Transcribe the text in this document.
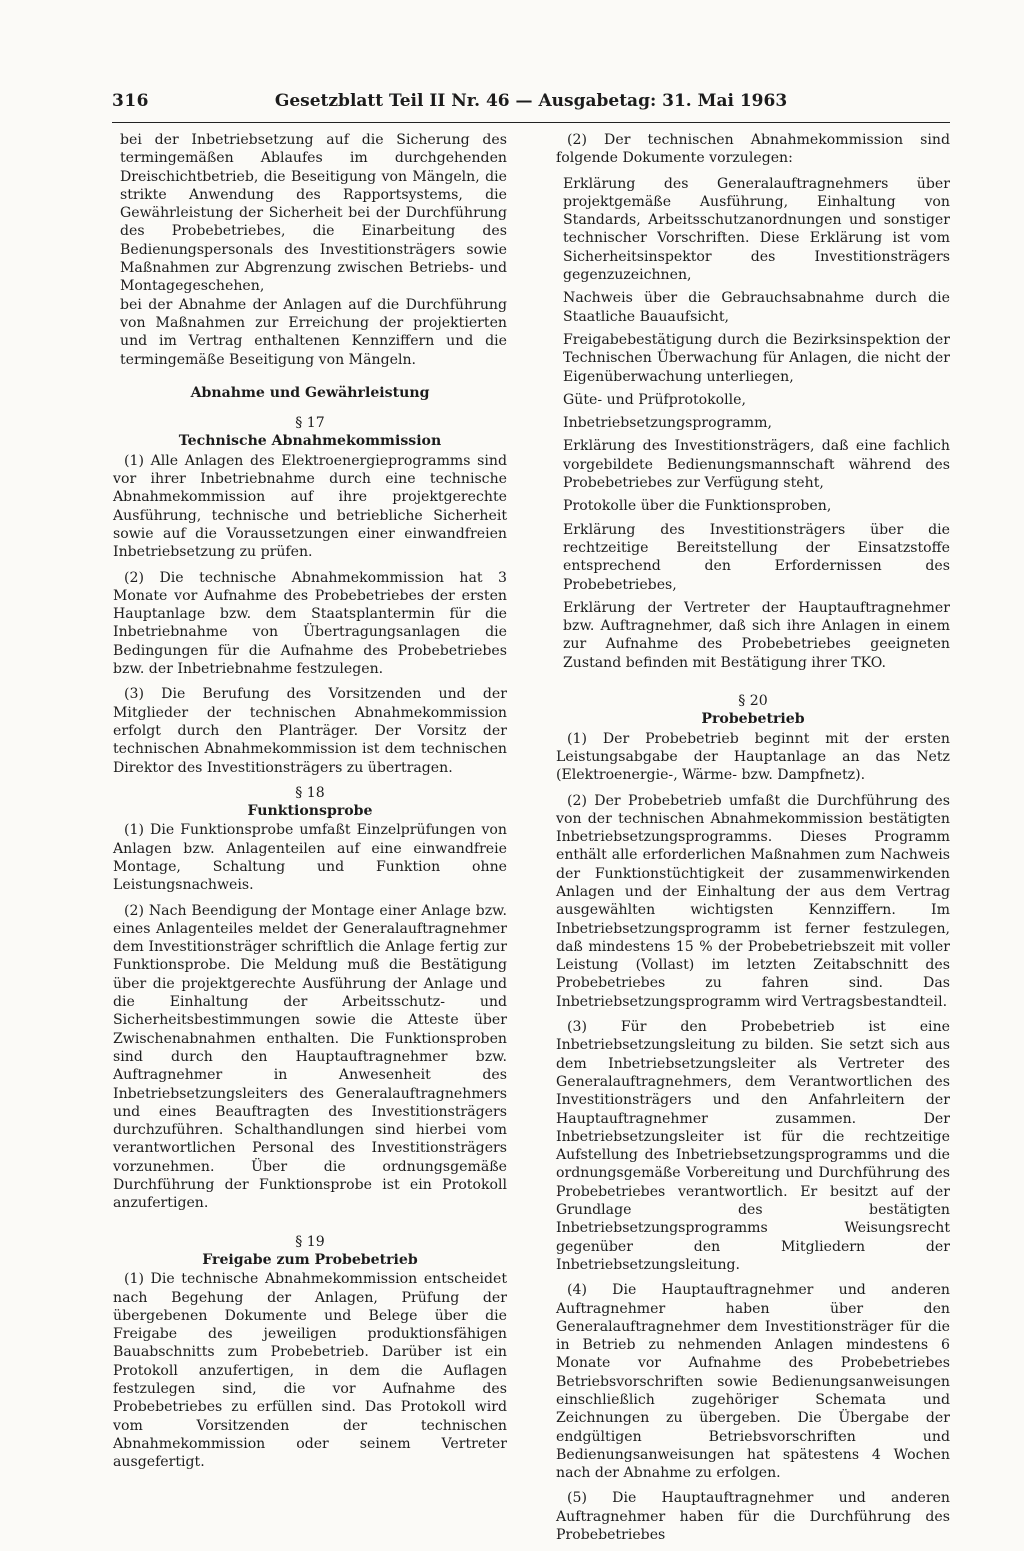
316	Gesetzblatt Teil II Nr. 46 — Ausgabetag: 31. Mai 1963

bei der Inbetriebsetzung auf die Sicherung des termingemäßen Ablaufes im durchgehenden Dreischichtbetrieb, die Beseitigung von Mängeln, die strikte Anwendung des Rapportsystems, die Gewährleistung der Sicherheit bei der Durchführung des Probebetriebes, die Einarbeitung des Bedienungspersonals des Investitionsträgers sowie Maßnahmen zur Abgrenzung zwischen Betriebs- und Montagegeschehen,

bei der Abnahme der Anlagen auf die Durchführung von Maßnahmen zur Erreichung der projektierten und im Vertrag enthaltenen Kennziffern und die termingemäße Beseitigung von Mängeln.

Abnahme und Gewährleistung
§ 17
Technische Abnahmekommission

(1) Alle Anlagen des Elektroenergieprogramms sind vor ihrer Inbetriebnahme durch eine technische Abnahmekommission auf ihre projektgerechte Ausführung, technische und betriebliche Sicherheit sowie auf die Voraussetzungen einer einwandfreien Inbetriebsetzung zu prüfen.

(2) Die technische Abnahmekommission hat 3 Monate vor Aufnahme des Probebetriebes der ersten Hauptanlage bzw. dem Staatsplantermin für die Inbetriebnahme von Übertragungsanlagen die Bedingungen für die Aufnahme des Probebetriebes bzw. der Inbetriebnahme festzulegen.

(3) Die Berufung des Vorsitzenden und der Mitglieder der technischen Abnahmekommission erfolgt durch den Planträger. Der Vorsitz der technischen Abnahmekommission ist dem technischen Direktor des Investitionsträgers zu übertragen.

§ 18
Funktionsprobe

(1) Die Funktionsprobe umfaßt Einzelprüfungen von Anlagen bzw. Anlagenteilen auf eine einwandfreie Montage, Schaltung und Funktion ohne Leistungsnachweis.

(2) Nach Beendigung der Montage einer Anlage bzw. eines Anlagenteiles meldet der Generalauftragnehmer dem Investitionsträger schriftlich die Anlage fertig zur Funktionsprobe. Die Meldung muß die Bestätigung über die projektgerechte Ausführung der Anlage und die Einhaltung der Arbeitsschutz- und Sicherheitsbestimmungen sowie die Atteste über Zwischenabnahmen enthalten. Die Funktionsproben sind durch den Hauptauftragnehmer bzw. Auftragnehmer in Anwesenheit des Inbetriebsetzungsleiters des Generalauftragnehmers und eines Beauftragten des Investitionsträgers durchzuführen. Schalthandlungen sind hierbei vom verantwortlichen Personal des Investitionsträgers vorzunehmen. Über die ordnungsgemäße Durchführung der Funktionsprobe ist ein Protokoll anzufertigen.

§ 19
Freigabe zum Probebetrieb

(1) Die technische Abnahmekommission entscheidet nach Begehung der Anlagen, Prüfung der übergebenen Dokumente und Belege über die Freigabe des jeweiligen produktionsfähigen Bauabschnitts zum Probebetrieb. Darüber ist ein Protokoll anzufertigen, in dem die Auflagen festzulegen sind, die vor Aufnahme des Probebetriebes zu erfüllen sind. Das Protokoll wird vom Vorsitzenden der technischen Abnahmekommission oder seinem Vertreter ausgefertigt.

(2) Der technischen Abnahmekommission sind folgende Dokumente vorzulegen:

Erklärung des Generalauftragnehmers über projektgemäße Ausführung, Einhaltung von Standards, Arbeitsschutzanordnungen und sonstiger technischer Vorschriften. Diese Erklärung ist vom Sicherheitsinspektor des Investitionsträgers gegenzuzeichnen,

Nachweis über die Gebrauchsabnahme durch die Staatliche Bauaufsicht,

Freigabebestätigung durch die Bezirksinspektion der Technischen Überwachung für Anlagen, die nicht der Eigenüberwachung unterliegen,

Güte- und Prüfprotokolle,

Inbetriebsetzungsprogramm,

Erklärung des Investitionsträgers, daß eine fachlich vorgebildete Bedienungsmannschaft während des Probebetriebes zur Verfügung steht,

Protokolle über die Funktionsproben,

Erklärung des Investitionsträgers über die rechtzeitige Bereitstellung der Einsatzstoffe entsprechend den Erfordernissen des Probebetriebes,

Erklärung der Vertreter der Hauptauftragnehmer bzw. Auftragnehmer, daß sich ihre Anlagen in einem zur Aufnahme des Probebetriebes geeigneten Zustand befinden mit Bestätigung ihrer TKO.

§ 20
Probebetrieb

(1) Der Probebetrieb beginnt mit der ersten Leistungsabgabe der Hauptanlage an das Netz (Elektroenergie-, Wärme- bzw. Dampfnetz).

(2) Der Probebetrieb umfaßt die Durchführung des von der technischen Abnahmekommission bestätigten Inbetriebsetzungsprogramms. Dieses Programm enthält alle erforderlichen Maßnahmen zum Nachweis der Funktionstüchtigkeit der zusammenwirkenden Anlagen und der Einhaltung der aus dem Vertrag ausgewählten wichtigsten Kennziffern. Im Inbetriebsetzungsprogramm ist ferner festzulegen, daß mindestens 15 % der Probebetriebszeit mit voller Leistung (Vollast) im letzten Zeitabschnitt des Probebetriebes zu fahren sind. Das Inbetriebsetzungsprogramm wird Vertragsbestandteil.

(3) Für den Probebetrieb ist eine Inbetriebsetzungsleitung zu bilden. Sie setzt sich aus dem Inbetriebsetzungsleiter als Vertreter des Generalauftragnehmers, dem Verantwortlichen des Investitionsträgers und den Anfahrleitern der Hauptauftragnehmer zusammen. Der Inbetriebsetzungsleiter ist für die rechtzeitige Aufstellung des Inbetriebsetzungsprogramms und die ordnungsgemäße Vorbereitung und Durchführung des Probebetriebes verantwortlich. Er besitzt auf der Grundlage des bestätigten Inbetriebsetzungsprogramms Weisungsrecht gegenüber den Mitgliedern der Inbetriebsetzungsleitung.

(4) Die Hauptauftragnehmer und anderen Auftragnehmer haben über den Generalauftragnehmer dem Investitionsträger für die in Betrieb zu nehmenden Anlagen mindestens 6 Monate vor Aufnahme des Probebetriebes Betriebsvorschriften sowie Bedienungsanweisungen einschließlich zugehöriger Schemata und Zeichnungen zu übergeben. Die Übergabe der endgültigen Betriebsvorschriften und Bedienungsanweisungen hat spätestens 4 Wochen nach der Abnahme zu erfolgen.

(5) Die Hauptauftragnehmer und anderen Auftragnehmer haben für die Durchführung des Probebetriebes
